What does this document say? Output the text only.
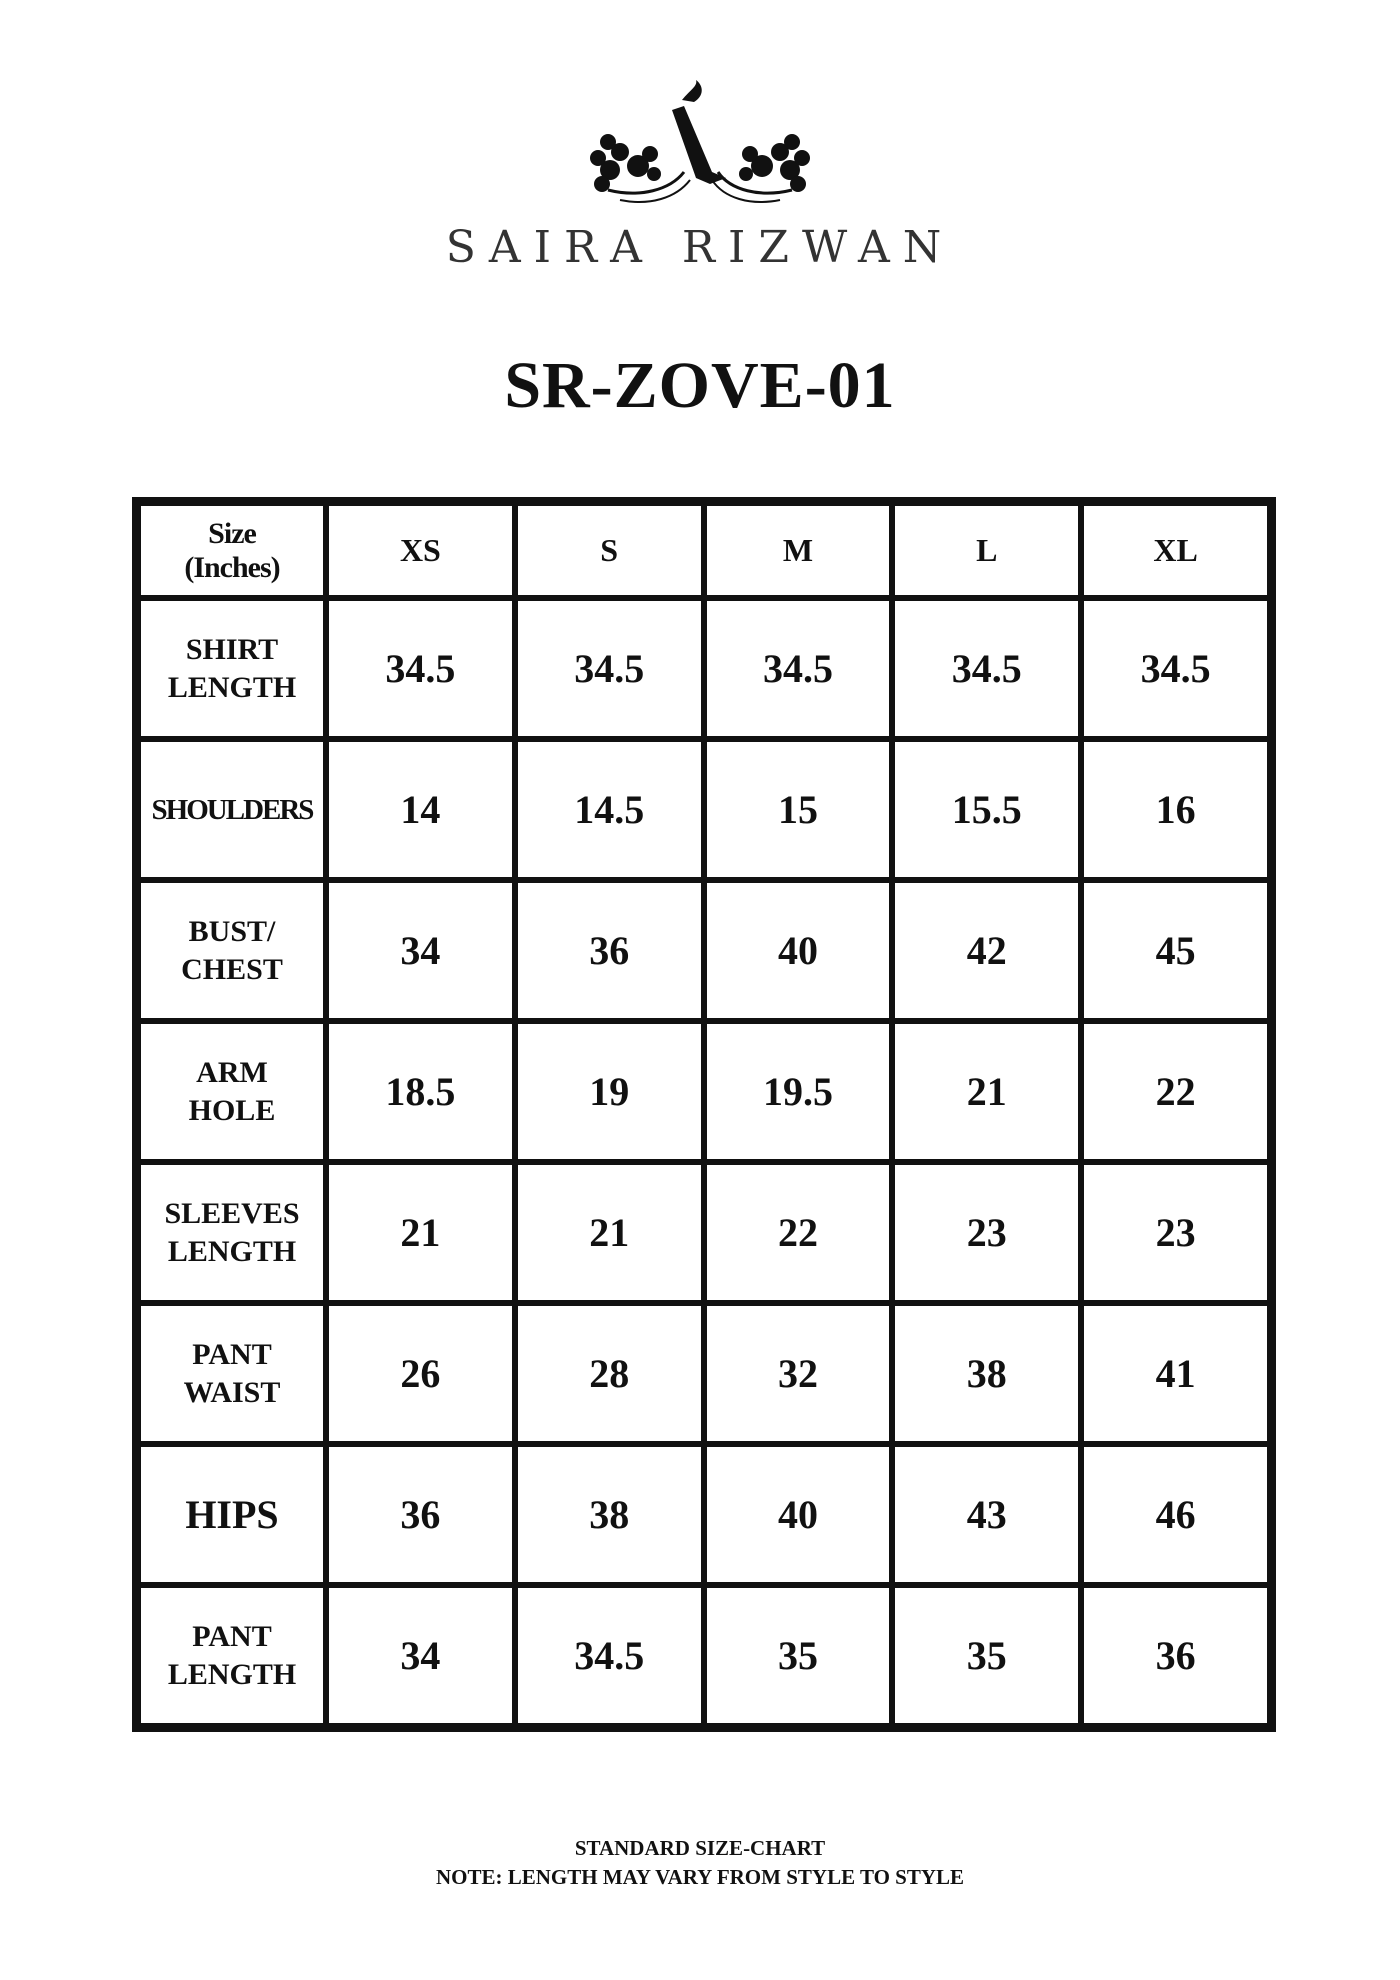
SAIRA RIZWAN
SR-ZOVE-01
Size
(Inches)	XS	S	M	L	XL
SHIRT
LENGTH	34.5	34.5	34.5	34.5	34.5
SHOULDERS	14	14.5	15	15.5	16
BUST/
CHEST	34	36	40	42	45
ARM
HOLE	18.5	19	19.5	21	22
SLEEVES
LENGTH	21	21	22	23	23
PANT
WAIST	26	28	32	38	41
HIPS	36	38	40	43	46
PANT
LENGTH	34	34.5	35	35	36
STANDARD SIZE-CHART
NOTE: LENGTH MAY VARY FROM STYLE TO STYLE
